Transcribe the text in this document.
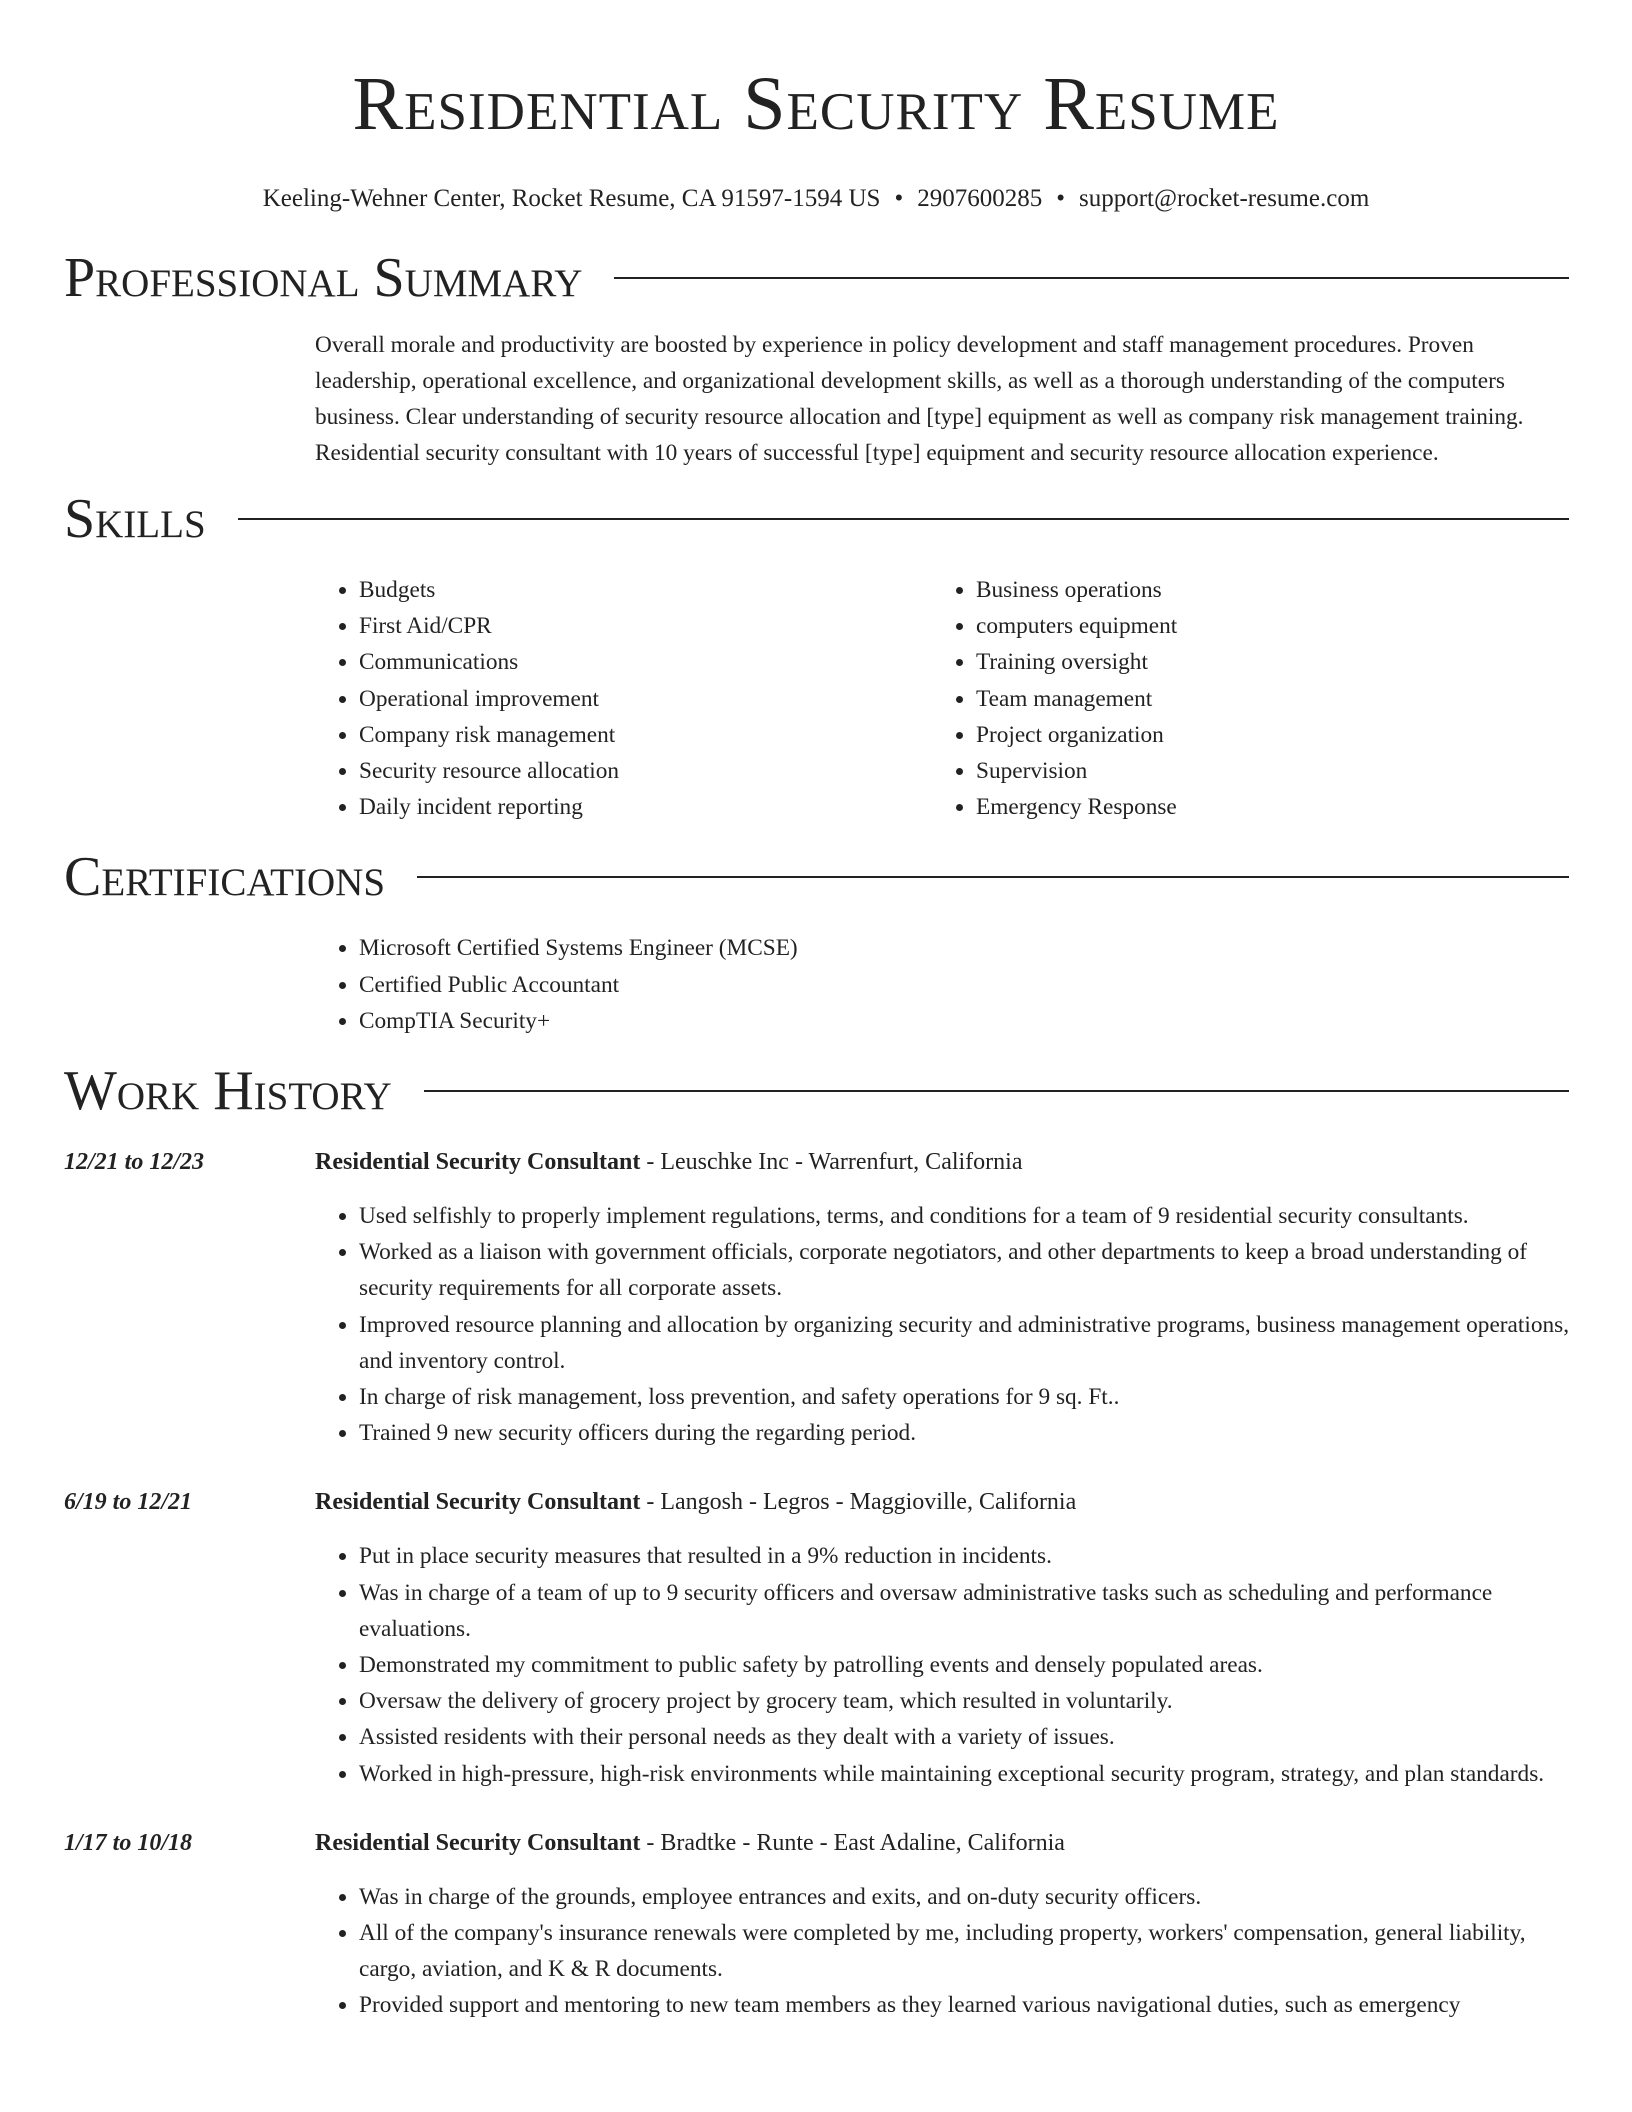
Residential Security Resume
Keeling-Wehner Center, Rocket Resume, CA 91597-1594 US • 2907600285 • support@rocket-resume.com
Professional Summary

Overall morale and productivity are boosted by experience in policy development and staff management procedures. Proven leadership, operational excellence, and organizational development skills, as well as a thorough understanding of the computers business. Clear understanding of security resource allocation and [type] equipment as well as company risk management training. Residential security consultant with 10 years of successful [type] equipment and security resource allocation experience.

Skills
• Budgets
• First Aid/CPR
• Communications
• Operational improvement
• Company risk management
• Security resource allocation
• Daily incident reporting
• Business operations
• computers equipment
• Training oversight
• Team management
• Project organization
• Supervision
• Emergency Response
Certifications
• Microsoft Certified Systems Engineer (MCSE)
• Certified Public Accountant
• CompTIA Security+
Work History
12/21 to 12/23	Residential Security Consultant - Leuschke Inc - Warrenfurt, California
• Used selfishly to properly implement regulations, terms, and conditions for a team of 9 residential security consultants.
• Worked as a liaison with government officials, corporate negotiators, and other departments to keep a broad understanding of security requirements for all corporate assets.
• Improved resource planning and allocation by organizing security and administrative programs, business management operations, and inventory control.
• In charge of risk management, loss prevention, and safety operations for 9 sq. Ft..
• Trained 9 new security officers during the regarding period.
6/19 to 12/21	Residential Security Consultant - Langosh - Legros - Maggioville, California
• Put in place security measures that resulted in a 9% reduction in incidents.
• Was in charge of a team of up to 9 security officers and oversaw administrative tasks such as scheduling and performance evaluations.
• Demonstrated my commitment to public safety by patrolling events and densely populated areas.
• Oversaw the delivery of grocery project by grocery team, which resulted in voluntarily.
• Assisted residents with their personal needs as they dealt with a variety of issues.
• Worked in high-pressure, high-risk environments while maintaining exceptional security program, strategy, and plan standards.
1/17 to 10/18	Residential Security Consultant - Bradtke - Runte - East Adaline, California
• Was in charge of the grounds, employee entrances and exits, and on-duty security officers.
• All of the company's insurance renewals were completed by me, including property, workers' compensation, general liability, cargo, aviation, and K & R documents.
• Provided support and mentoring to new team members as they learned various navigational duties, such as emergency
